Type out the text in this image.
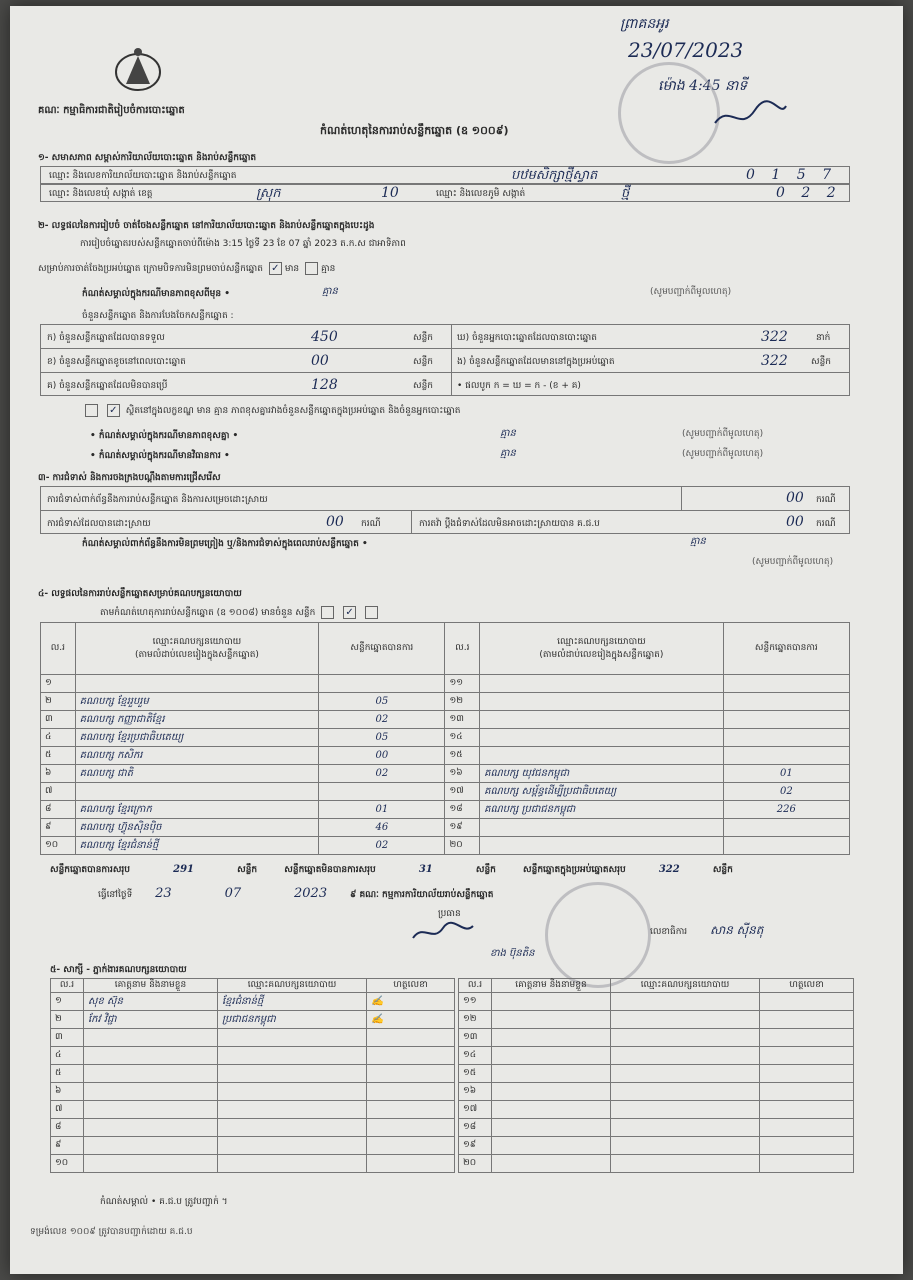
ព្រាគនអូរ
23/07/2023
ម៉ោង 4:45 នាទី
គណៈ កម្មាធិការជាតិរៀបចំការបោះឆ្នោត
កំណត់ហេតុនៃការរាប់សន្លឹកឆ្នោត (ឧ ១០០៩)
១- សមាសភាព សម្ពាស់ការិយាល័យបោះឆ្នោត និងរាប់សន្លឹកឆ្នោត
ឈ្មោះ និងលេខការិយាល័យបោះឆ្នោត និងរាប់សន្លឹកឆ្នោត	បឋមសិក្សាថ្មីស្វាត	0 1 5 7
ឈ្មោះ និងលេខឃុំ សង្កាត់ ខេត្ត	ស្រុក	10	ឈ្មោះ និងលេខភូមិ សង្កាត់	ថ្មី	0 2 2
២- លទ្ធផលនៃការរៀបចំ ចាត់ចែងសន្លឹកឆ្នោត នៅការិយាល័យបោះឆ្នោត និងរាប់សន្លឹកឆ្នោតក្នុងបេះដូង
ការរៀបចំឆ្នោតរបស់សន្លឹកឆ្នោតចាប់ពីម៉ោង 3:15 ថ្ងៃទី 23 ខែ 07 ឆ្នាំ 2023 ត.ក.ស ជាអាទិភាព
សម្រាប់ការចាត់ចែងប្រអប់ឆ្នោត ក្រោមបិទការមិនព្រមចាប់សន្លឹកឆ្នោត ✓ មាន គ្មាន
កំណត់សម្គាល់ក្នុងករណីមានភាពខុសពីមុន •	គ្មាន	(សូមបញ្ជាក់ពីមូលហេតុ)
ចំនួនសន្លឹកឆ្នោត និងការបែងចែកសន្លឹកឆ្នោត :
ក) ចំនួនសន្លឹកឆ្នោតដែលបានទទួល	450	សន្លឹក	ឃ) ចំនួនអ្នកបោះឆ្នោតដែលបានបោះឆ្នោត	322	នាក់
ខ) ចំនួនសន្លឹកឆ្នោតខូចនៅពេលបោះឆ្នោត	00	សន្លឹក	ង) ចំនួនសន្លឹកឆ្នោតដែលមាននៅក្នុងប្រអប់ឆ្នោត	322	សន្លឹក
គ) ចំនួនសន្លឹកឆ្នោតដែលមិនបានប្រើ	128	សន្លឹក	• ផលបូក ក = ឃ = ក - (ខ + គ)
✓ ស្ថិតនៅក្នុងលក្ខខណ្ឌ មាន គ្មាន ភាពខុសគ្នារវាងចំនួនសន្លឹកឆ្នោតក្នុងប្រអប់ឆ្នោត និងចំនួនអ្នកបោះឆ្នោត
• កំណត់សម្គាល់ក្នុងករណីមានភាពខុសគ្នា •	គ្មាន	(សូមបញ្ជាក់ពីមូលហេតុ)
• កំណត់សម្គាល់ក្នុងករណីមានវិធានការ •	គ្មាន	(សូមបញ្ជាក់ពីមូលហេតុ)
៣- ការជំទាស់ និងការចងក្រងបណ្តឹងតាមការជ្រើសរើស
ការជំទាស់ពាក់ព័ន្ធនឹងការរាប់សន្លឹកឆ្នោត និងការសម្រេចដោះស្រាយ	00 ករណី
ការជំទាស់ដែលបានដោះស្រាយ	00 ករណី	ការតវ៉ា ប្តឹងជំទាស់ដែលមិនអាចដោះស្រាយបាន គ.ជ.ប	00 ករណី
កំណត់សម្គាល់ពាក់ព័ន្ធនឹងការមិនព្រមព្រៀង ឬ/និងការជំទាស់ក្នុងពេលរាប់សន្លឹកឆ្នោត •	គ្មាន
(សូមបញ្ជាក់ពីមូលហេតុ)
៤- លទ្ធផលនៃការរាប់សន្លឹកឆ្នោតសម្រាប់គណបក្សនយោបាយ
តាមកំណត់ហេតុការរាប់សន្លឹកឆ្នោត (ឧ ១០០៨) មានចំនួន សន្លឹក	✓
ល.រ	ឈ្មោះគណបក្សនយោបាយ
(តាមលំដាប់លេខរៀងក្នុងសន្លឹកឆ្នោត)	សន្លឹកឆ្នោតបានការ	ល.រ	ឈ្មោះគណបក្សនយោបាយ
(តាមលំដាប់លេខរៀងក្នុងសន្លឹកឆ្នោត)	សន្លឹកឆ្នោតបានការ
១			១១		
២	គណបក្ស ខ្មែររួបរួម	05	១២		
៣	គណបក្ស កញ្ញាជាតិខ្មែរ	02	១៣		
៤	គណបក្ស ខ្មែរប្រជាធិបតេយ្យ	05	១៤		
៥	គណបក្ស កសិករ	00	១៥		
៦	គណបក្ស ជាតិ	02	១៦	គណបក្ស យុវជនកម្ពុជា	01
៧			១៧	គណបក្ស សម្ព័ន្ធដើម្បីប្រជាធិបតេយ្យ	02
៨	គណបក្ស ខ្មែរក្រោក	01	១៨	គណបក្ស ប្រជាជនកម្ពុជា	226
៩	គណបក្ស ហ៊្វុនស៊ិនប៉ិច	46	១៩		
១០	គណបក្ស ខ្មែរជំនាន់ថ្មី	02	២០		
សន្លឹកឆ្នោតបានការសរុប	291	សន្លឹក	សន្លឹកឆ្នោតមិនបានការសរុប	31	សន្លឹក	សន្លឹកឆ្នោតក្នុងប្រអប់ឆ្នោតសរុប	322	សន្លឹក
ធ្វើនៅថ្ងៃទី 23	07	2023	៩ គណៈ កម្មការការិយាល័យរាប់សន្លឹកឆ្នោត
ប្រធាន
ខាង ប៊ុនតិន
លេខាធិការ សាន ស៊ីនតុ
៥- សាក្សី - ភ្នាក់ងារគណបក្សនយោបាយ
ល.រ	គោត្តនាម និងនាមខ្លួន	ឈ្មោះគណបក្សនយោបាយ	ហត្ថលេខា
១	សុខ ស៊ុន	ខ្មែរជំនាន់ថ្មី	✍
២	កែវ វិជ្ជា	ប្រជាជនកម្ពុជា	✍
៣			
៤			
៥			
៦			
៧			
៨			
៩			
១០			
ល.រ	គោត្តនាម និងនាមខ្លួន	ឈ្មោះគណបក្សនយោបាយ	ហត្ថលេខា
១១			
១២			
១៣			
១៤			
១៥			
១៦			
១៧			
១៨			
១៩			
២០			
កំណត់សម្គាល់ • គ.ជ.ប ត្រូវបញ្ជាក់ ។
ទម្រង់លេខ ១០០៩ ត្រូវបានបញ្ជាក់ដោយ គ.ជ.ប
